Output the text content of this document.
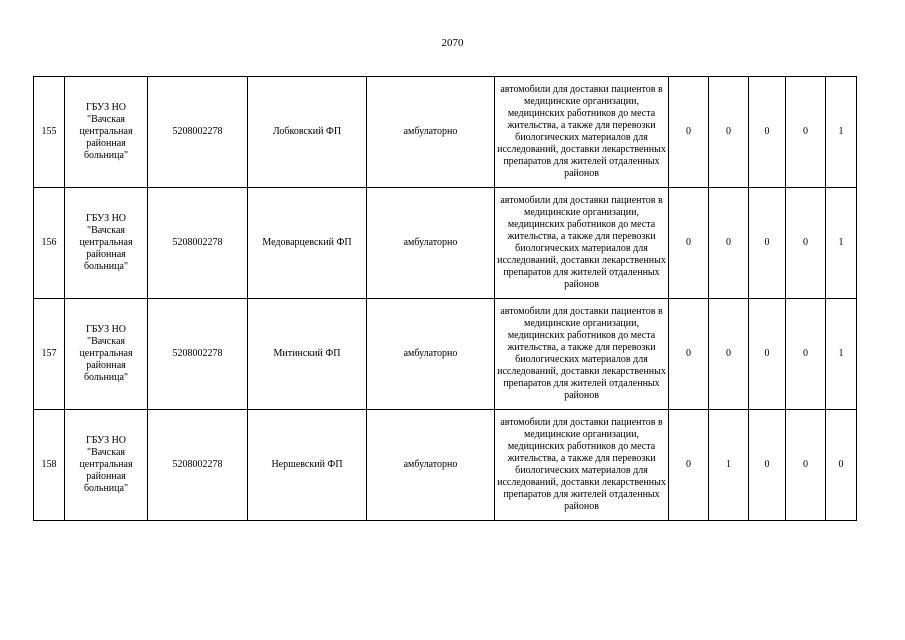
2070
155	ГБУЗ НО "Вачская центральная районная больница"	5208002278	Лобковский ФП	амбулаторно	автомобили для доставки пациентов в медицинские организации, медицинских работников до места жительства, а также для перевозки биологических материалов для исследований, доставки лекарственных препаратов для жителей отдаленных районов	0	0	0	0	1
156	ГБУЗ НО "Вачская центральная районная больница"	5208002278	Медоварцевский ФП	амбулаторно	автомобили для доставки пациентов в медицинские организации, медицинских работников до места жительства, а также для перевозки биологических материалов для исследований, доставки лекарственных препаратов для жителей отдаленных районов	0	0	0	0	1
157	ГБУЗ НО "Вачская центральная районная больница"	5208002278	Митинский ФП	амбулаторно	автомобили для доставки пациентов в медицинские организации, медицинских работников до места жительства, а также для перевозки биологических материалов для исследований, доставки лекарственных препаратов для жителей отдаленных районов	0	0	0	0	1
158	ГБУЗ НО "Вачская центральная районная больница"	5208002278	Нершевский ФП	амбулаторно	автомобили для доставки пациентов в медицинские организации, медицинских работников до места жительства, а также для перевозки биологических материалов для исследований, доставки лекарственных препаратов для жителей отдаленных районов	0	1	0	0	0
